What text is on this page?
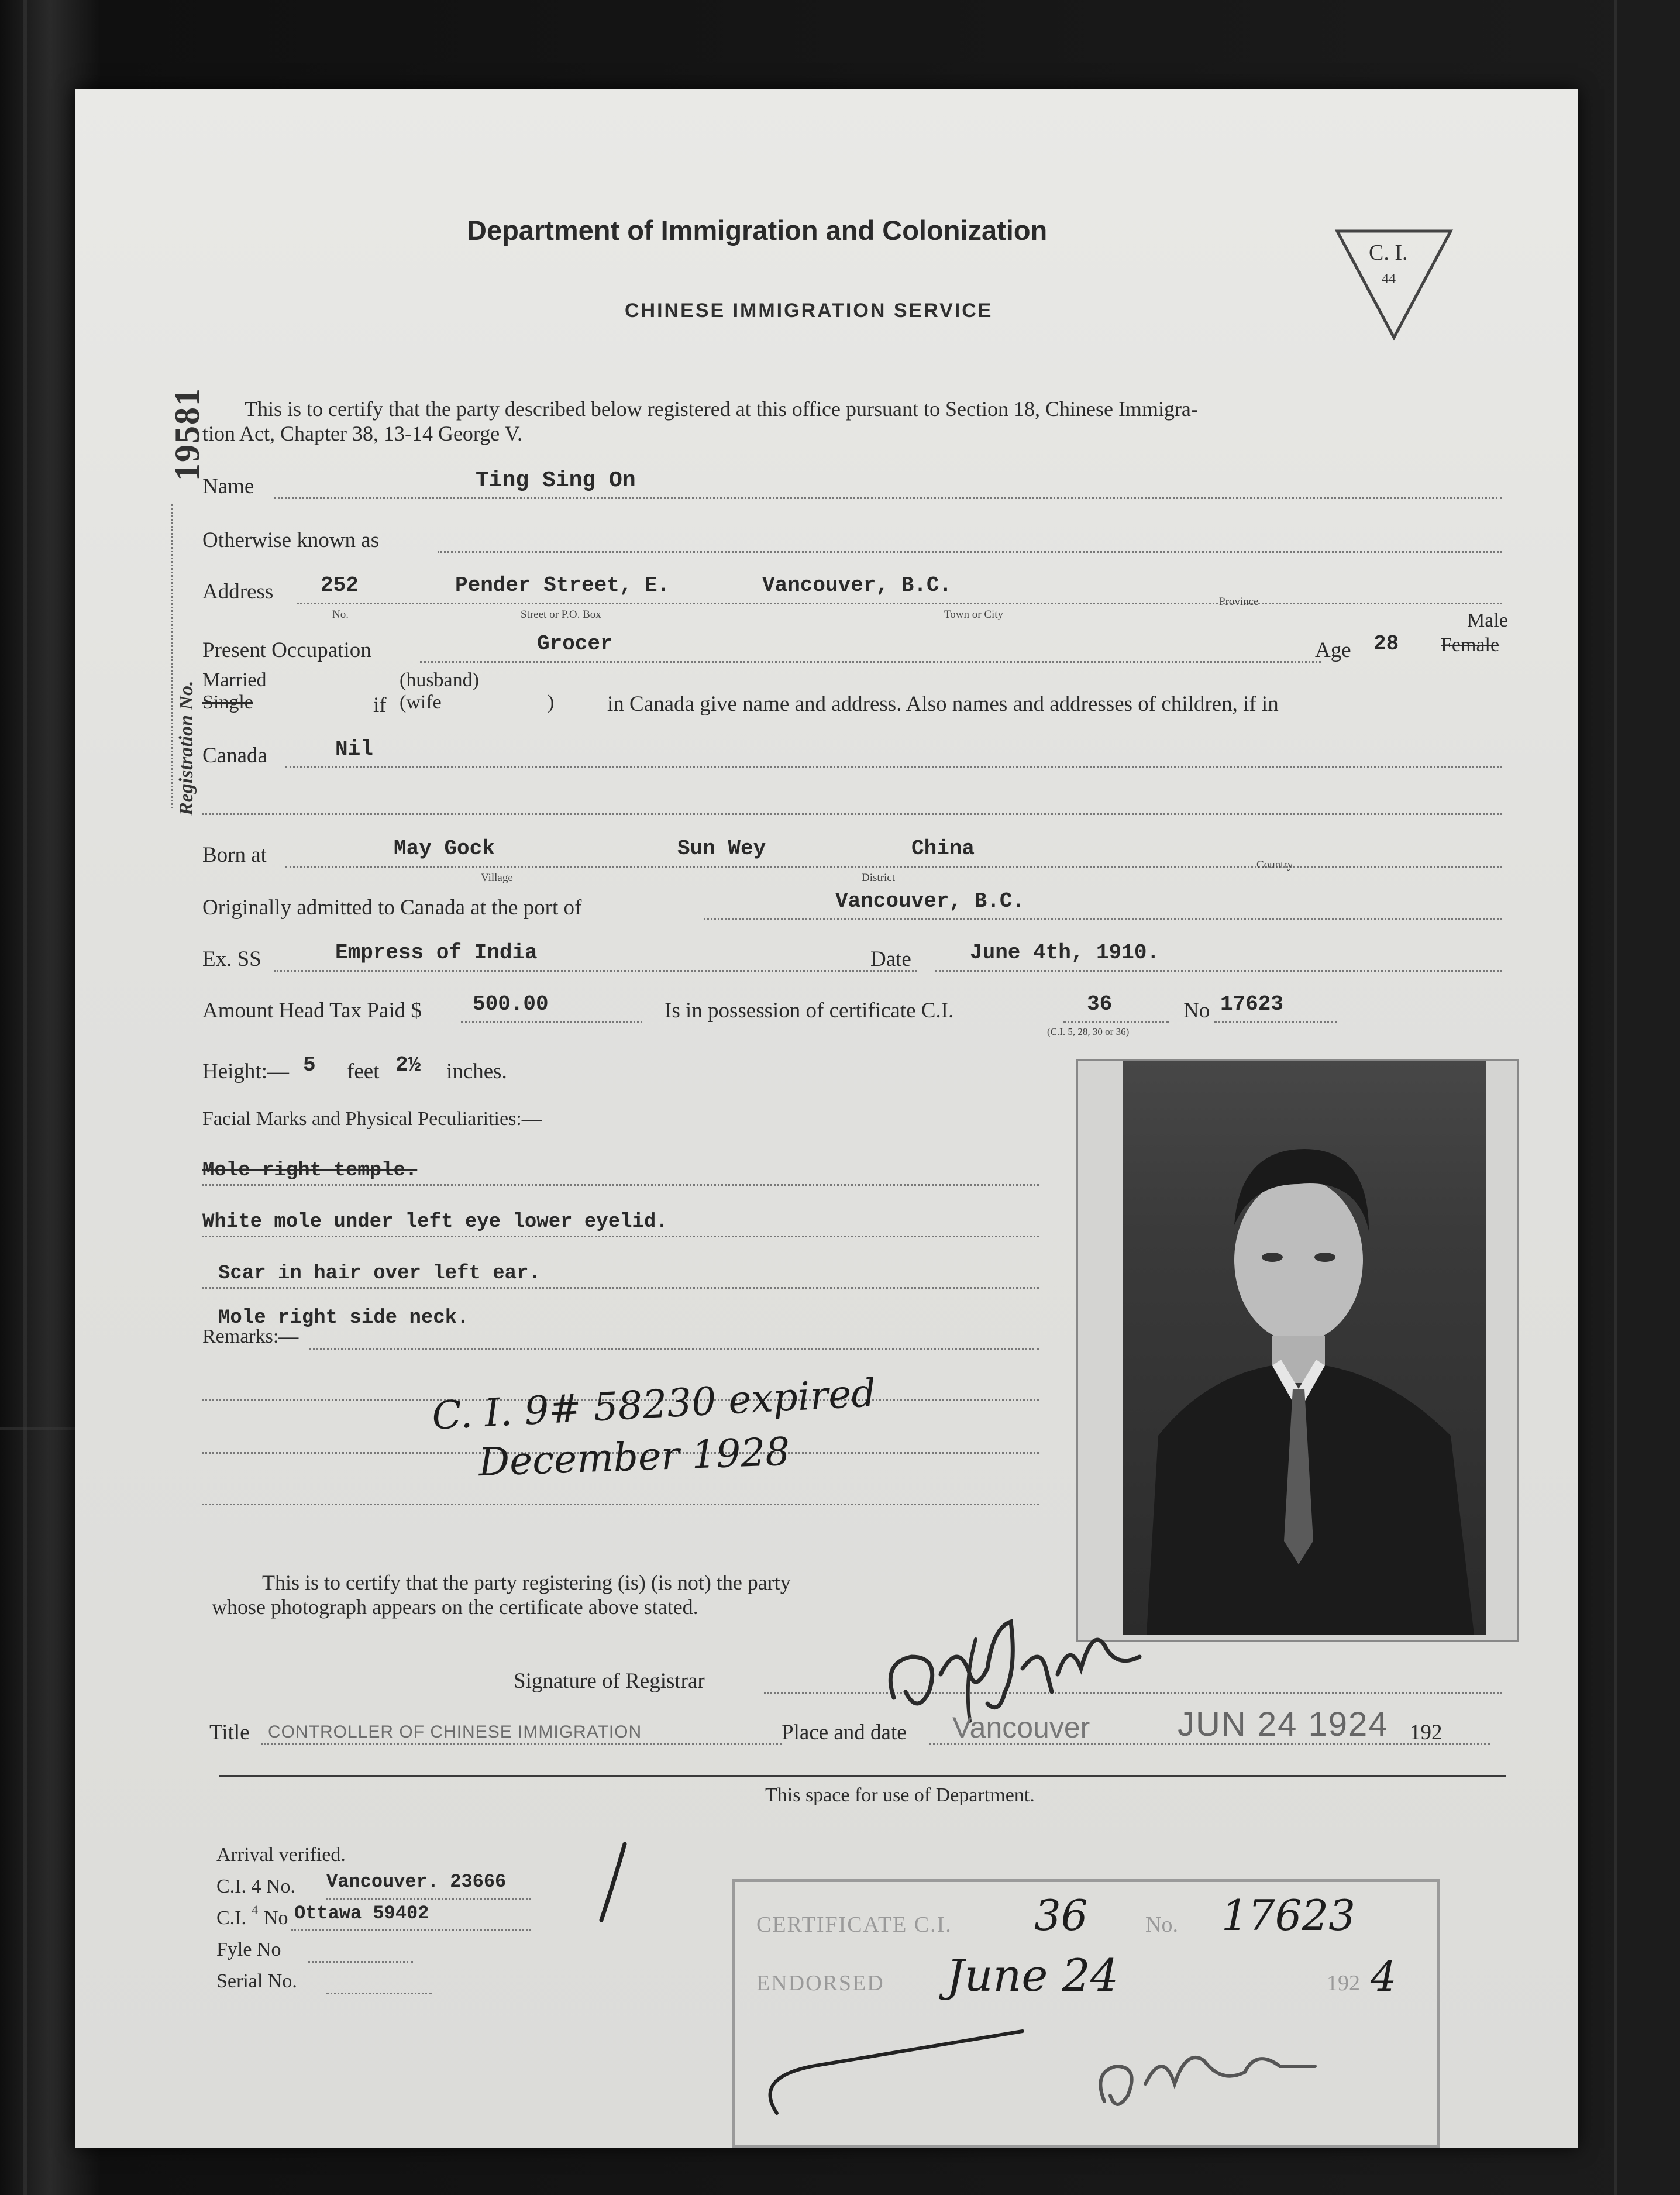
Department of Immigration and Colonization
CHINESE IMMIGRATION SERVICE
C. I.
44
19581
Registration No.
This is to certify that the party described below registered at this office pursuant to Section 18, Chinese Immigra-
tion Act, Chapter 38, 13-14 George V.
Name	Ting Sing On
Otherwise known as
Address 252	Pender Street, E.	Vancouver, B.C.
No.	Street or P.O. Box	Town or City
Province
Present Occupation	Grocer	Age 28
Male
Female
Married
Single	if
(husband)
(wife	) in Canada give name and address. Also names and addresses of children, if in
Canada	Nil
Born at	May Gock	Sun Wey	China
Village	District
Country
Originally admitted to Canada at the port of	Vancouver, B.C.
Ex. SS	Empress of India	Date	June 4th, 1910.
Amount Head Tax Paid $ 500.00	Is in possession of certificate C.I.	36	No 17623
(C.I. 5, 28, 30 or 36)
Height:— 5 feet 2½ inches.
Facial Marks and Physical Peculiarities:—
Mole right temple.
White mole under left eye lower eyelid.
Scar in hair over left ear.
Mole right side neck.
Remarks:—
C. I. 9# 58230 expired
December 1928
This is to certify that the party registering (is) (is not) the party
whose photograph appears on the certificate above stated.
Signature of Registrar
Title CONTROLLER OF CHINESE IMMIGRATION	Place and date Vancouver	JUN 24 1924 192
This space for use of Department.
Arrival verified.
C.I. 4 No. Vancouver. 23666
C.I. 4 No Ottawa 59402
Fyle No
Serial No.
CERTIFICATE C.I. 36	No. 17623
ENDORSED June 24	192 4
